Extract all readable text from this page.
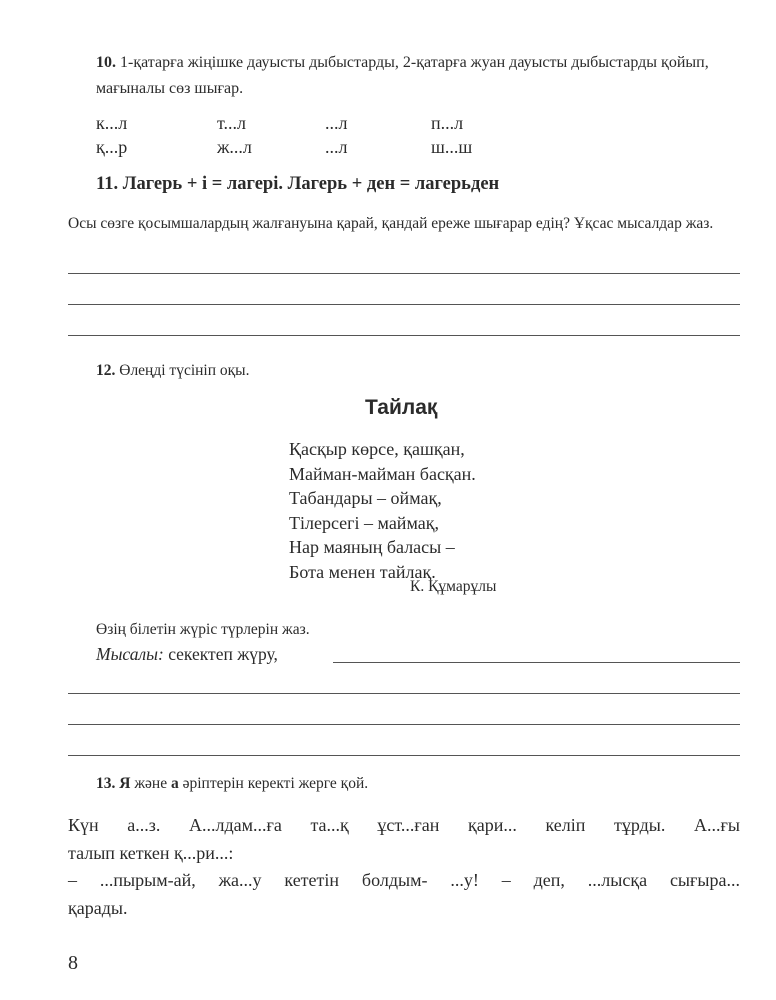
10. 1-қатарға жіңішке дауысты дыбыстарды, 2-қатарға жуан дауысты дыбыстарды қойып, мағыналы сөз шығар.
к...л	т...л	...л	п...л
қ...р	ж...л	...л	ш...ш
11. Лагерь + і = лагері. Лагерь + ден = лагерьден
Осы сөзге қосымшалардың жалғануына қарай, қандай ереже шығарар едің? Ұқсас мысалдар жаз.
12. Өлеңді түсініп оқы.
Тайлақ
Қасқыр көрсе, қашқан,
Майман-майман басқан.
Табандары – оймақ,
Тілерсегі – маймақ,
Нар маяның баласы –
Бота менен тайлақ.
К. Құмарұлы
Өзің білетін жүріс түрлерін жаз.
Мысалы: секектеп жүру,
13. Я және а әріптерін керекті жерге қой.
Күн а...з. А...лдам...ға та...қ ұст...ған қари... келіп тұрды. А...ғы
талып кеткен қ...ри...:
– ...пырым-ай, жа...у кететін болдым- ...у! – деп, ...лысқа сығыра...
қарады.
8
